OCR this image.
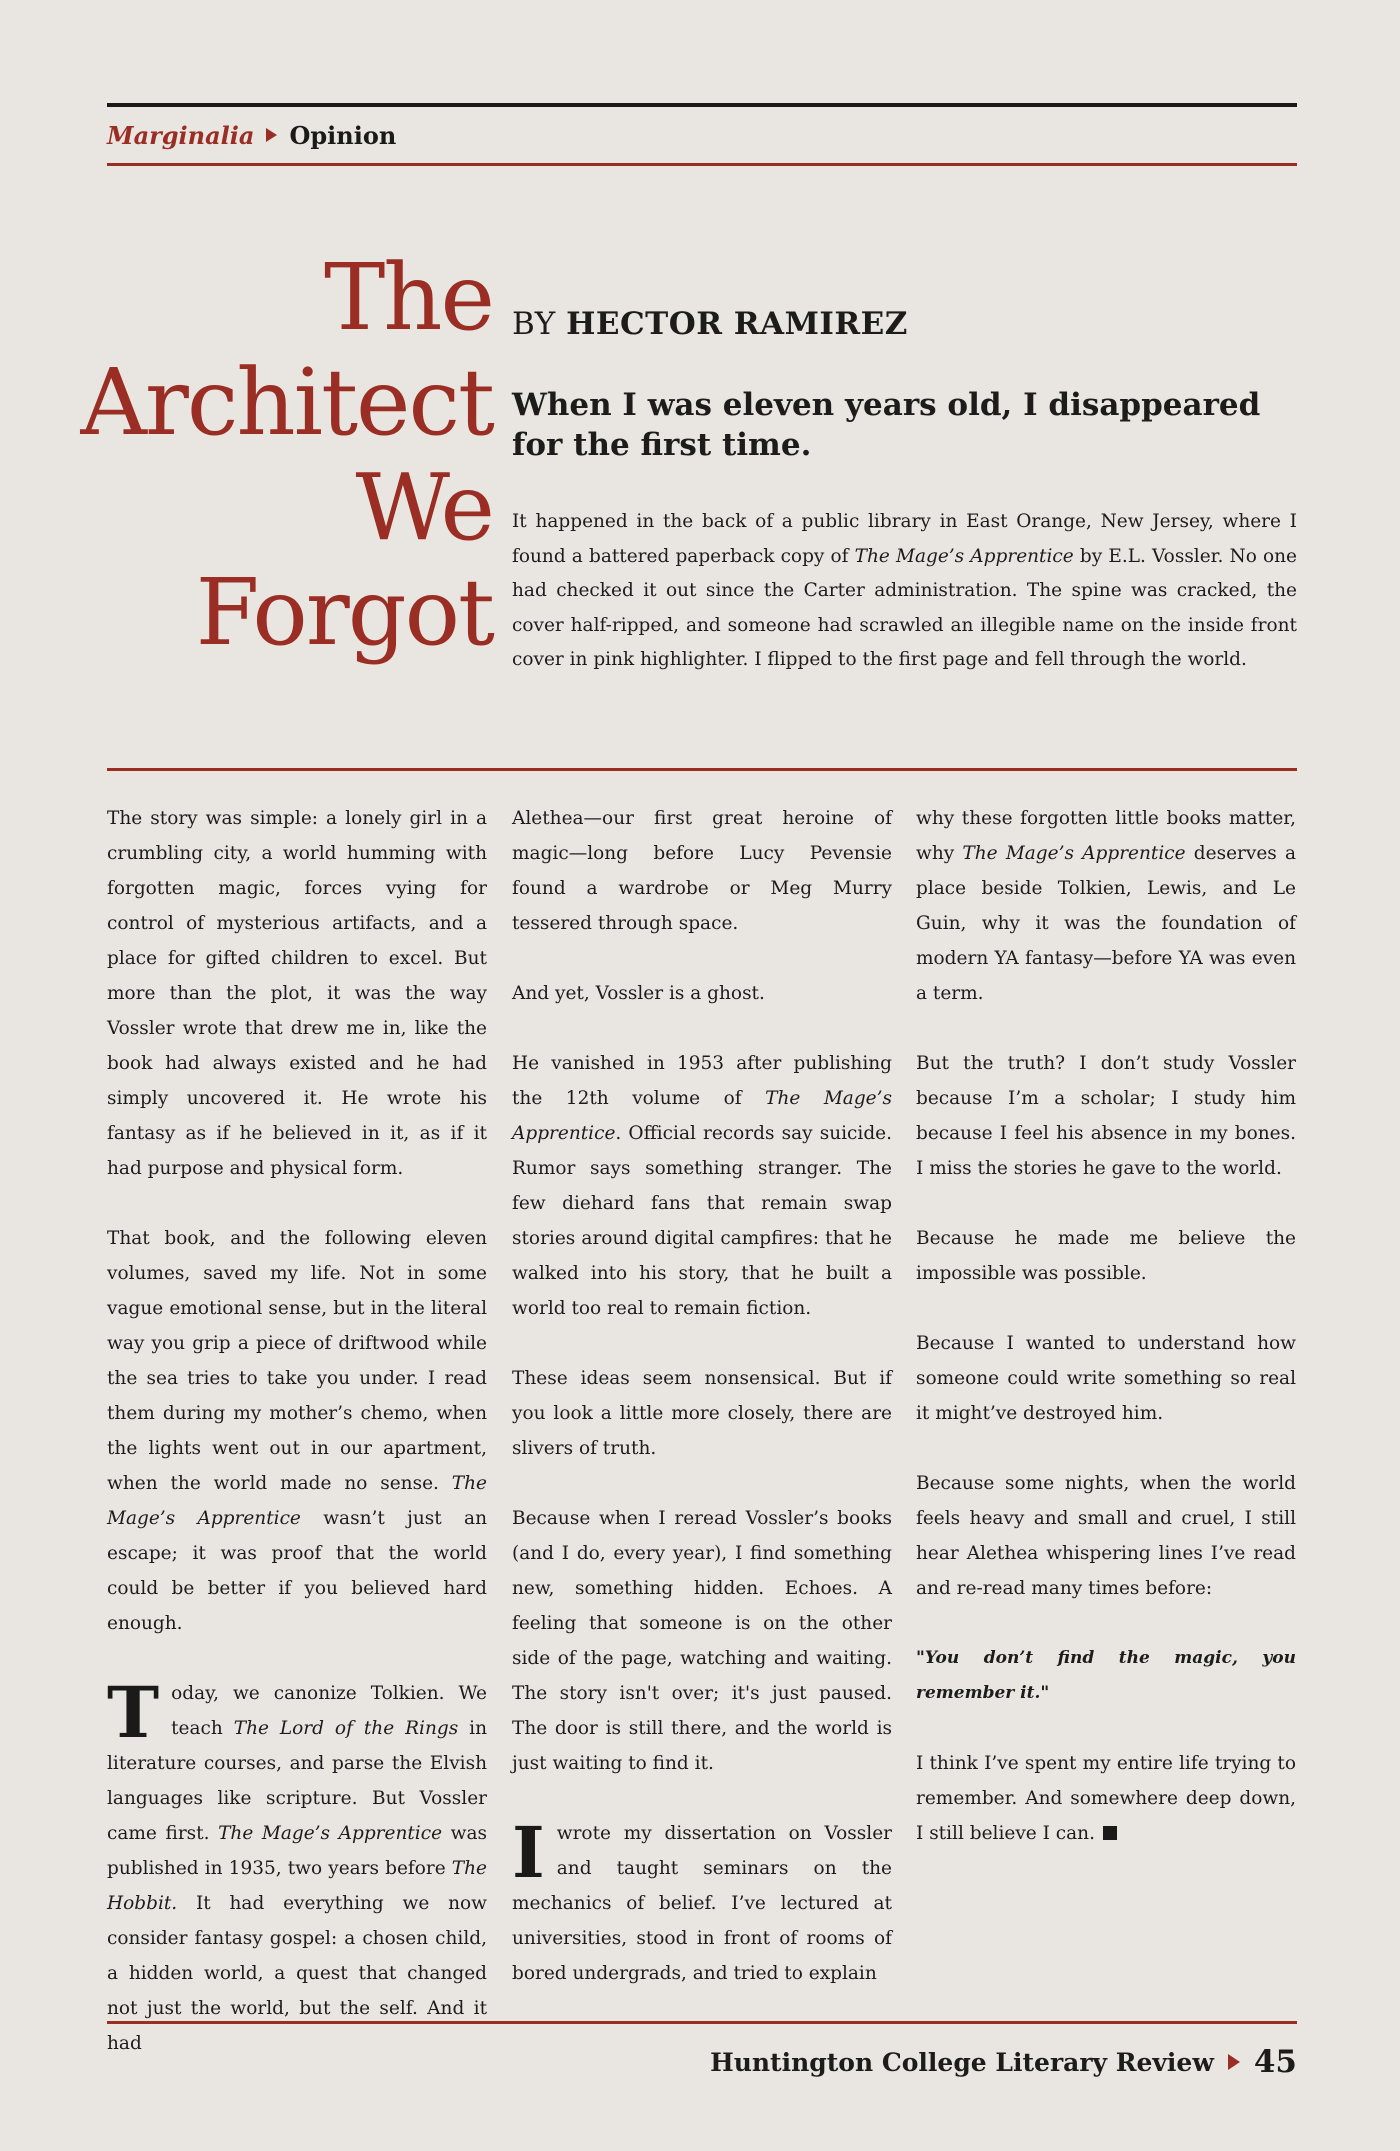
Marginalia Opinion
The
Architect
We
Forgot
BY HECTOR RAMIREZ
When I was eleven years old, I disappeared for the first time.

It happened in the back of a public library in East Orange, New Jersey, where I found a battered paperback copy of The Mage’s Apprentice by E.L. Vossler. No one had checked it out since the Carter administration. The spine was cracked, the cover half-ripped, and someone had scrawled an illegible name on the inside front cover in pink highlighter. I flipped to the first page and fell through the world.

The story was simple: a lonely girl in a crumbling city, a world humming with forgotten magic, forces vying for control of mysterious artifacts, and a place for gifted children to excel. But more than the plot, it was the way Vossler wrote that drew me in, like the book had always existed and he had simply uncovered it. He wrote his fantasy as if he believed in it, as if it had purpose and physical form.

That book, and the following eleven volumes, saved my life. Not in some vague emotional sense, but in the literal way you grip a piece of driftwood while the sea tries to take you under. I read them during my mother’s chemo, when the lights went out in our apartment, when the world made no sense. The Mage’s Apprentice wasn’t just an escape; it was proof that the world could be better if you believed hard enough.

Today, we canonize Tolkien. We teach The Lord of the Rings in literature courses, and parse the Elvish languages like scripture. But Vossler came first. The Mage’s Apprentice was published in 1935, two years before The Hobbit. It had everything we now consider fantasy gospel: a chosen child, a hidden world, a quest that changed not just the world, but the self. And it had

Alethea—our first great heroine of magic—long before Lucy Pevensie found a wardrobe or Meg Murry tessered through space.

And yet, Vossler is a ghost.

He vanished in 1953 after publishing the 12th volume of The Mage’s Apprentice. Official records say suicide. Rumor says something stranger. The few diehard fans that remain swap stories around digital campfires: that he walked into his story, that he built a world too real to remain fiction.

These ideas seem nonsensical. But if you look a little more closely, there are slivers of truth.

Because when I reread Vossler’s books (and I do, every year), I find something new, something hidden. Echoes. A feeling that someone is on the other side of the page, watching and waiting. The story isn't over; it's just paused. The door is still there, and the world is just waiting to find it.

I wrote my dissertation on Vossler and taught seminars on the mechanics of belief. I’ve lectured at universities, stood in front of rooms of bored undergrads, and tried to explain

why these forgotten little books matter, why The Mage’s Apprentice deserves a place beside Tolkien, Lewis, and Le Guin, why it was the foundation of modern YA fantasy—before YA was even a term.

But the truth? I don’t study Vossler because I’m a scholar; I study him because I feel his absence in my bones. I miss the stories he gave to the world.

Because he made me believe the impossible was possible.

Because I wanted to understand how someone could write something so real it might’ve destroyed him.

Because some nights, when the world feels heavy and small and cruel, I still hear Alethea whispering lines I’ve read and re-read many times before:

"You don’t find the magic, you remember it."

I think I’ve spent my entire life trying to remember. And somewhere deep down, I still believe I can.

Huntington College Literary Review 45
